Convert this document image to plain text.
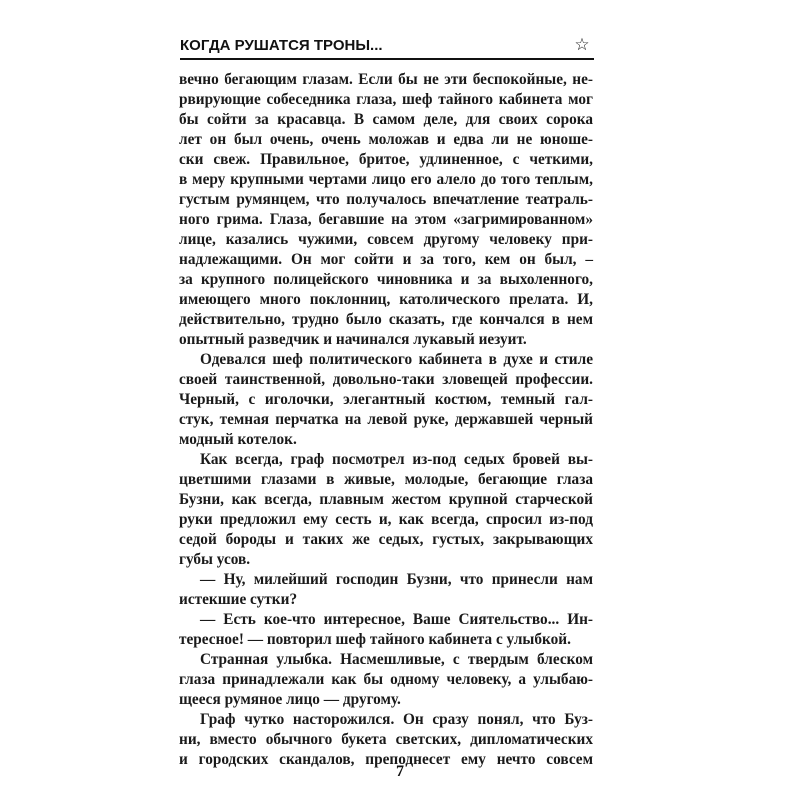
КОГДА РУШАТСЯ ТРОНЫ...	☆
вечно бегающим глазам. Если бы не эти беспокойные, не-
рвирующие собеседника глаза, шеф тайного кабинета мог
бы сойти за красавца. В самом деле, для своих сорока
лет он был очень, очень моложав и едва ли не юноше-
ски свеж. Правильное, бритое, удлиненное, с четкими,
в меру крупными чертами лицо его алело до того теплым,
густым румянцем, что получалось впечатление театраль-
ного грима. Глаза, бегавшие на этом «загримированном»
лице, казались чужими, совсем другому человеку при-
надлежащими. Он мог сойти и за того, кем он был, –
за крупного полицейского чиновника и за выхоленного,
имеющего много поклонниц, католического прелата. И,
действительно, трудно было сказать, где кончался в нем
опытный разведчик и начинался лукавый иезуит.
Одевался шеф политического кабинета в духе и стиле
своей таинственной, довольно-таки зловещей профессии.
Черный, с иголочки, элегантный костюм, темный гал-
стук, темная перчатка на левой руке, державшей черный
модный котелок.
Как всегда, граф посмотрел из-под седых бровей вы-
цветшими глазами в живые, молодые, бегающие глаза
Бузни, как всегда, плавным жестом крупной старческой
руки предложил ему сесть и, как всегда, спросил из-под
седой бороды и таких же седых, густых, закрывающих
губы усов.
— Ну, милейший господин Бузни, что принесли нам
истекшие сутки?
— Есть кое-что интересное, Ваше Сиятельство... Ин-
тересное! — повторил шеф тайного кабинета с улыбкой.
Странная улыбка. Насмешливые, с твердым блеском
глаза принадлежали как бы одному человеку, а улыбаю-
щееся румяное лицо — другому.
Граф чутко насторожился. Он сразу понял, что Буз-
ни, вместо обычного букета светских, дипломатических
и городских скандалов, преподнесет ему нечто совсем
7
